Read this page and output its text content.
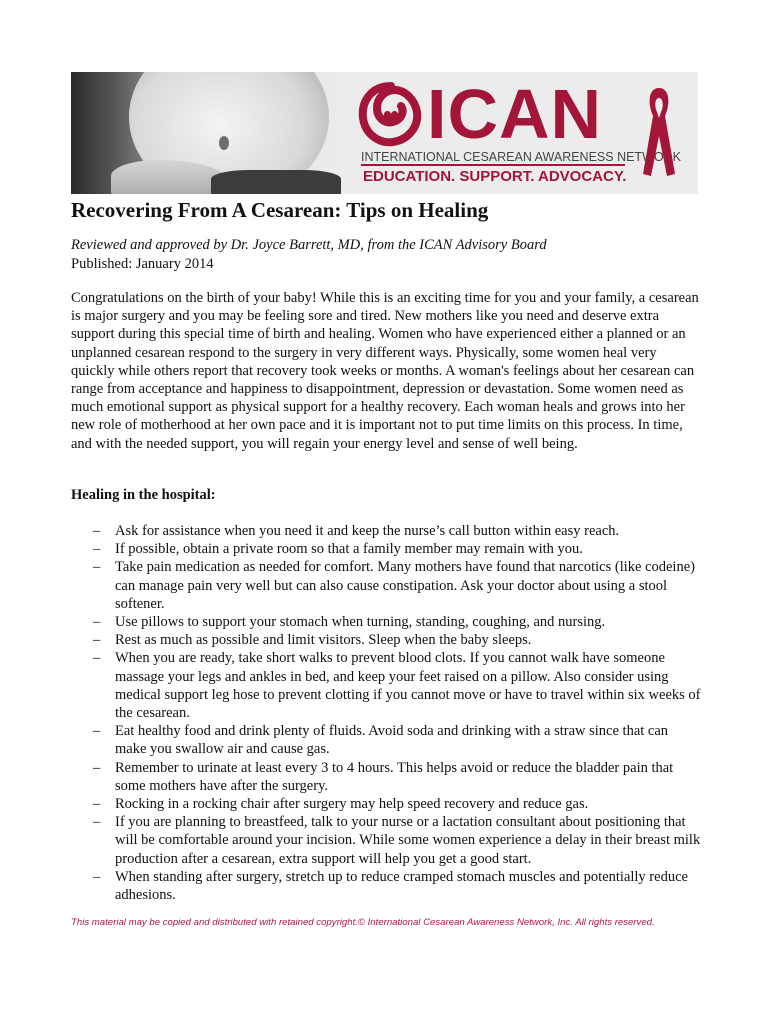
ICAN
INTERNATIONAL CESAREAN AWARENESS NETWORK
EDUCATION. SUPPORT. ADVOCACY.
Recovering From A Cesarean: Tips on Healing
Reviewed and approved by Dr. Joyce Barrett, MD, from the ICAN Advisory Board
Published: January 2014

Congratulations on the birth of your baby! While this is an exciting time for you and your family, a cesarean is major surgery and you may be feeling sore and tired. New mothers like you need and deserve extra support during this special time of birth and healing. Women who have experienced either a planned or an unplanned cesarean respond to the surgery in very different ways. Physically, some women heal very quickly while others report that recovery took weeks or months. A woman's feelings about her cesarean can range from acceptance and happiness to disappointment, depression or devastation. Some women need as much emotional support as physical support for a healthy recovery. Each woman heals and grows into her new role of motherhood at her own pace and it is important not to put time limits on this process. In time, and with the needed support, you will regain your energy level and sense of well being.

Healing in the hospital:
– Ask for assistance when you need it and keep the nurse’s call button within easy reach.
– If possible, obtain a private room so that a family member may remain with you.
– Take pain medication as needed for comfort. Many mothers have found that narcotics (like codeine) can manage pain very well but can also cause constipation. Ask your doctor about using a stool softener.
– Use pillows to support your stomach when turning, standing, coughing, and nursing.
– Rest as much as possible and limit visitors. Sleep when the baby sleeps.
– When you are ready, take short walks to prevent blood clots. If you cannot walk have someone massage your legs and ankles in bed, and keep your feet raised on a pillow. Also consider using medical support leg hose to prevent clotting if you cannot move or have to travel within six weeks of the cesarean.
– Eat healthy food and drink plenty of fluids. Avoid soda and drinking with a straw since that can make you swallow air and cause gas.
– Remember to urinate at least every 3 to 4 hours. This helps avoid or reduce the bladder pain that some mothers have after the surgery.
– Rocking in a rocking chair after surgery may help speed recovery and reduce gas.
– If you are planning to breastfeed, talk to your nurse or a lactation consultant about positioning that will be comfortable around your incision. While some women experience a delay in their breast milk production after a cesarean, extra support will help you get a good start.
– When standing after surgery, stretch up to reduce cramped stomach muscles and potentially reduce adhesions.
This material may be copied and distributed with retained copyright.© International Cesarean Awareness Network, Inc. All rights reserved.
